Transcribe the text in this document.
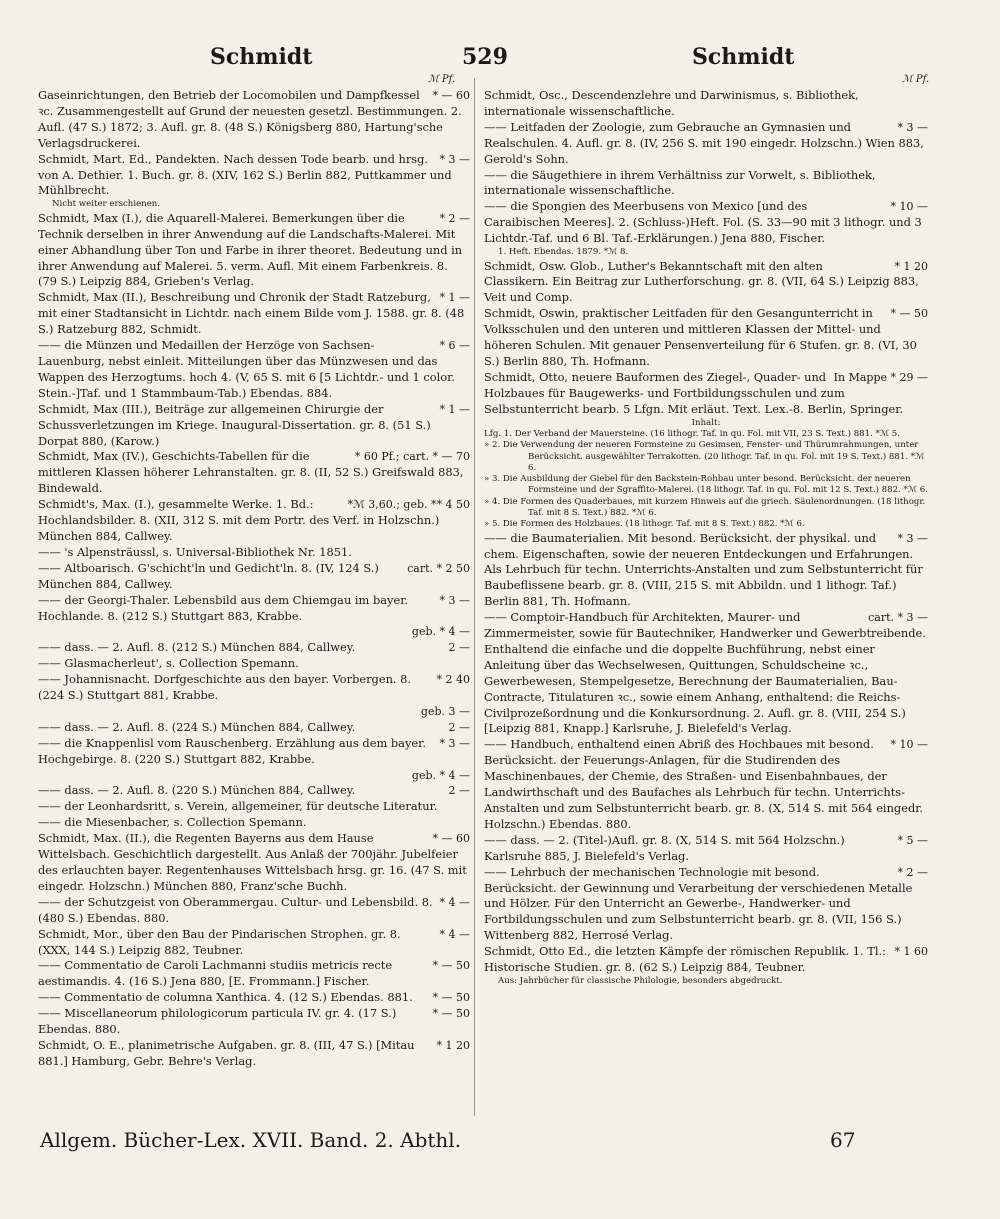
Schmidt	529	Schmidt
ℳ Pf.	ℳ Pf.

* — 60
Gaseinrichtungen, den Betrieb der Locomobilen und Dampfkessel ꝛc. Zusammengestellt auf Grund der neuesten gesetzl. Bestimmungen. 2. Aufl. (47 S.) 1872; 3. Aufl. gr. 8. (48 S.) Königsberg 880, Hartung'sche Verlagsdruckerei.

* 3 —
Schmidt, Mart. Ed., Pandekten. Nach dessen Tode bearb. und hrsg. von A. Dethier. 1. Buch. gr. 8. (XIV, 162 S.) Berlin 882, Puttkammer und Mühlbrecht.

Nicht weiter erschienen.

* 2 —
Schmidt, Max (I.), die Aquarell-Malerei. Bemerkungen über die Technik derselben in ihrer Anwendung auf die Landschafts-Malerei. Mit einer Abhandlung über Ton und Farbe in ihrer theoret. Bedeutung und in ihrer Anwendung auf Malerei. 5. verm. Aufl. Mit einem Farbenkreis. 8. (79 S.) Leipzig 884, Grieben's Verlag.

* 1 —
Schmidt, Max (II.), Beschreibung und Chronik der Stadt Ratzeburg, mit einer Stadtansicht in Lichtdr. nach einem Bilde vom J. 1588. gr. 8. (48 S.) Ratzeburg 882, Schmidt.

* 6 —
—— die Münzen und Medaillen der Herzöge von Sachsen-Lauenburg, nebst einleit. Mitteilungen über das Münzwesen und das Wappen des Herzogtums. hoch 4. (V, 65 S. mit 6 [5 Lichtdr.- und 1 color. Stein.-]Taf. und 1 Stammbaum-Tab.) Ebendas. 884.

* 1 —
Schmidt, Max (III.), Beiträge zur allgemeinen Chirurgie der Schussverletzungen im Kriege. Inaugural-Dissertation. gr. 8. (51 S.) Dorpat 880, (Karow.)

* 60 Pf.; cart. * — 70
Schmidt, Max (IV.), Geschichts-Tabellen für die mittleren Klassen höherer Lehranstalten. gr. 8. (II, 52 S.) Greifswald 883, Bindewald.

*ℳ 3,60.; geb. ** 4 50
Schmidt's, Max. (I.), gesammelte Werke. 1. Bd.: Hochlandsbilder. 8. (XII, 312 S. mit dem Portr. des Verf. in Holzschn.) München 884, Callwey.

—— 's Alpensträussl, s. Universal-Bibliothek Nr. 1851.

cart. * 2 50
—— Altboarisch. G'schicht'ln und Gedicht'ln. 8. (IV, 124 S.) München 884, Callwey.

* 3 —
—— der Georgi-Thaler. Lebensbild aus dem Chiemgau im bayer. Hochlande. 8. (212 S.) Stuttgart 883, Krabbe.

geb. * 4 —

2 —
—— dass. — 2. Aufl. 8. (212 S.) München 884, Callwey.

—— Glasmacherleut', s. Collection Spemann.

* 2 40
—— Johannisnacht. Dorfgeschichte aus den bayer. Vorbergen. 8. (224 S.) Stuttgart 881, Krabbe.

geb. 3 —

2 —
—— dass. — 2. Aufl. 8. (224 S.) München 884, Callwey.

* 3 —
—— die Knappenlisl vom Rauschenberg. Erzählung aus dem bayer. Hochgebirge. 8. (220 S.) Stuttgart 882, Krabbe.

geb. * 4 —

2 —
—— dass. — 2. Aufl. 8. (220 S.) München 884, Callwey.

—— der Leonhardsritt, s. Verein, allgemeiner, für deutsche Literatur.

—— die Miesenbacher, s. Collection Spemann.

* — 60
Schmidt, Max. (II.), die Regenten Bayerns aus dem Hause Wittelsbach. Geschichtlich dargestellt. Aus Anlaß der 700jähr. Jubelfeier des erlauchten bayer. Regentenhauses Wittelsbach hrsg. gr. 16. (47 S. mit eingedr. Holzschn.) München 880, Franz'sche Buchh.

* 4 —
—— der Schutzgeist von Oberammergau. Cultur- und Lebensbild. 8. (480 S.) Ebendas. 880.

* 4 —
Schmidt, Mor., über den Bau der Pindarischen Strophen. gr. 8. (XXX, 144 S.) Leipzig 882, Teubner.

* — 50
—— Commentatio de Caroli Lachmanni studiis metricis recte aestimandis. 4. (16 S.) Jena 880, [E. Frommann.] Fischer.

* — 50
—— Commentatio de columna Xanthica. 4. (12 S.) Ebendas. 881.

* — 50
—— Miscellaneorum philologicorum particula IV. gr. 4. (17 S.) Ebendas. 880.

* 1 20
Schmidt, O. E., planimetrische Aufgaben. gr. 8. (III, 47 S.) [Mitau 881.] Hamburg, Gebr. Behre's Verlag.

Schmidt, Osc., Descendenzlehre und Darwinismus, s. Bibliothek, internationale wissenschaftliche.

* 3 —
—— Leitfaden der Zoologie, zum Gebrauche an Gymnasien und Realschulen. 4. Aufl. gr. 8. (IV, 256 S. mit 190 eingedr. Holzschn.) Wien 883, Gerold's Sohn.

—— die Säugethiere in ihrem Verhältniss zur Vorwelt, s. Bibliothek, internationale wissenschaftliche.

* 10 —
—— die Spongien des Meerbusens von Mexico [und des Caraibischen Meeres]. 2. (Schluss-)Heft. Fol. (S. 33—90 mit 3 lithogr. und 3 Lichtdr.-Taf. und 6 Bl. Taf.-Erklärungen.) Jena 880, Fischer.

1. Heft. Ebendas. 1879. *ℳ 8.

* 1 20
Schmidt, Osw. Glob., Luther's Bekanntschaft mit den alten Classikern. Ein Beitrag zur Lutherforschung. gr. 8. (VII, 64 S.) Leipzig 883, Veit und Comp.

* — 50
Schmidt, Oswin, praktischer Leitfaden für den Gesangunterricht in Volksschulen und den unteren und mittleren Klassen der Mittel- und höheren Schulen. Mit genauer Pensenverteilung für 6 Stufen. gr. 8. (VI, 30 S.) Berlin 880, Th. Hofmann.

In Mappe * 29 —
Schmidt, Otto, neuere Bauformen des Ziegel-, Quader- und Holzbaues für Baugewerks- und Fortbildungsschulen und zum Selbstunterricht bearb. 5 Lfgn. Mit erläut. Text. Lex.-8. Berlin, Springer.

Inhalt:
Lfg. 1. Der Verband der Mauersteine. (16 lithogr. Taf. in qu. Fol. mit VII, 23 S. Text.) 881. *ℳ 5.
» 2. Die Verwendung der neueren Formsteine zu Gesimsen, Fenster- und Thürumrahmungen, unter Berücksicht. ausgewählter Terrakotten. (20 lithogr. Taf. in qu. Fol. mit 19 S. Text.) 881. *ℳ 6.
» 3. Die Ausbildung der Giebel für den Backstein-Rohbau unter besond. Berücksicht. der neueren Formsteine und der Sgraffito-Malerei. (18 lithogr. Taf. in qu. Fol. mit 12 S. Text.) 882. *ℳ 6.
» 4. Die Formen des Quaderbaues, mit kurzem Hinweis auf die griech. Säulenordnungen. (18 lithogr. Taf. mit 8 S. Text.) 882. *ℳ 6.
» 5. Die Formen des Holzbaues. (18 lithogr. Taf. mit 8 S. Text.) 882. *ℳ 6.

* 3 —
—— die Baumaterialien. Mit besond. Berücksicht. der physikal. und chem. Eigenschaften, sowie der neueren Entdeckungen und Erfahrungen. Als Lehrbuch für techn. Unterrichts-Anstalten und zum Selbstunterricht für Baubeflissene bearb. gr. 8. (VIII, 215 S. mit Abbildn. und 1 lithogr. Taf.) Berlin 881, Th. Hofmann.

cart. * 3 —
—— Comptoir-Handbuch für Architekten, Maurer- und Zimmermeister, sowie für Bautechniker, Handwerker und Gewerbtreibende. Enthaltend die einfache und die doppelte Buchführung, nebst einer Anleitung über das Wechselwesen, Quittungen, Schuldscheine ꝛc., Gewerbewesen, Stempelgesetze, Berechnung der Baumaterialien, Bau-Contracte, Titulaturen ꝛc., sowie einem Anhang, enthaltend: die Reichs-Civilprozeßordnung und die Konkursordnung. 2. Aufl. gr. 8. (VIII, 254 S.) [Leipzig 881, Knapp.] Karlsruhe, J. Bielefeld's Verlag.

* 10 —
—— Handbuch, enthaltend einen Abriß des Hochbaues mit besond. Berücksicht. der Feuerungs-Anlagen, für die Studirenden des Maschinenbaues, der Chemie, des Straßen- und Eisenbahnbaues, der Landwirthschaft und des Baufaches als Lehrbuch für techn. Unterrichts-Anstalten und zum Selbstunterricht bearb. gr. 8. (X, 514 S. mit 564 eingedr. Holzschn.) Ebendas. 880.

* 5 —
—— dass. — 2. (Titel-)Aufl. gr. 8. (X, 514 S. mit 564 Holzschn.) Karlsruhe 885, J. Bielefeld's Verlag.

* 2 —
—— Lehrbuch der mechanischen Technologie mit besond. Berücksicht. der Gewinnung und Verarbeitung der verschiedenen Metalle und Hölzer. Für den Unterricht an Gewerbe-, Handwerker- und Fortbildungsschulen und zum Selbstunterricht bearb. gr. 8. (VII, 156 S.) Wittenberg 882, Herrosé Verlag.

* 1 60
Schmidt, Otto Ed., die letzten Kämpfe der römischen Republik. 1. Tl.: Historische Studien. gr. 8. (62 S.) Leipzig 884, Teubner.

Aus: Jahrbücher für classische Philologie, besonders abgedruckt.

Allgem. Bücher-Lex. XVII. Band. 2. Abthl.	67
